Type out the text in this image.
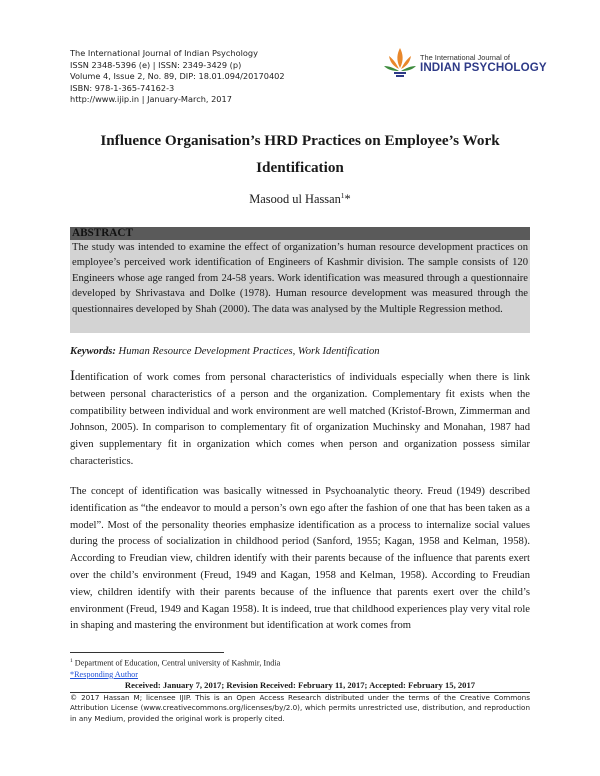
The International Journal of Indian Psychology
ISSN 2348-5396 (e) | ISSN: 2349-3429 (p)
Volume 4, Issue 2, No. 89, DIP: 18.01.094/20170402
ISBN: 978-1-365-74162-3
http://www.ijip.in | January-March, 2017
The International Journal of
INDIAN PSYCHOLOGY
Influence Organisation’s HRD Practices on Employee’s Work
Identification
Masood ul Hassan$^1$*
ABSTRACT
The study was intended to examine the effect of organization’s human resource development practices on employee’s perceived work identification of Engineers of Kashmir division. The sample consists of 120 Engineers whose age ranged from 24-58 years. Work identification was measured through a questionnaire developed by Shrivastava and Dolke (1978). Human resource development was measured through the questionnaires developed by Shah (2000). The data was analysed by the Multiple Regression method.
Keywords: Human Resource Development Practices, Work Identification
Identification of work comes from personal characteristics of individuals especially when there is link between personal characteristics of a person and the organization. Complementary fit exists when the compatibility between individual and work environment are well matched (Kristof-Brown, Zimmerman and Johnson, 2005). In comparison to complementary fit of organization Muchinsky and Monahan, 1987 had given supplementary fit in organization which comes when person and organization possess similar characteristics.
The concept of identification was basically witnessed in Psychoanalytic theory. Freud (1949) described identification as “the endeavor to mould a person’s own ego after the fashion of one that has been taken as a model”. Most of the personality theories emphasize identification as a process to internalize social values during the process of socialization in childhood period (Sanford, 1955; Kagan, 1958 and Kelman, 1958). According to Freudian view, children identify with their parents because of the influence that parents exert over the child’s environment (Freud, 1949 and Kagan, 1958 and Kelman, 1958). According to Freudian view, children identify with their parents because of the influence that parents exert over the child’s environment (Freud, 1949 and Kagan 1958). It is indeed, true that childhood experiences play very vital role in shaping and mastering the environment but identification at work comes from
$^1$ Department of Education, Central university of Kashmir, India
*Responding Author
Received: January 7, 2017; Revision Received: February 11, 2017; Accepted: February 15, 2017
© 2017 Hassan M; licensee IJIP. This is an Open Access Research distributed under the terms of the Creative Commons Attribution License (www.creativecommons.org/licenses/by/2.0), which permits unrestricted use, distribution, and reproduction in any Medium, provided the original work is properly cited.
